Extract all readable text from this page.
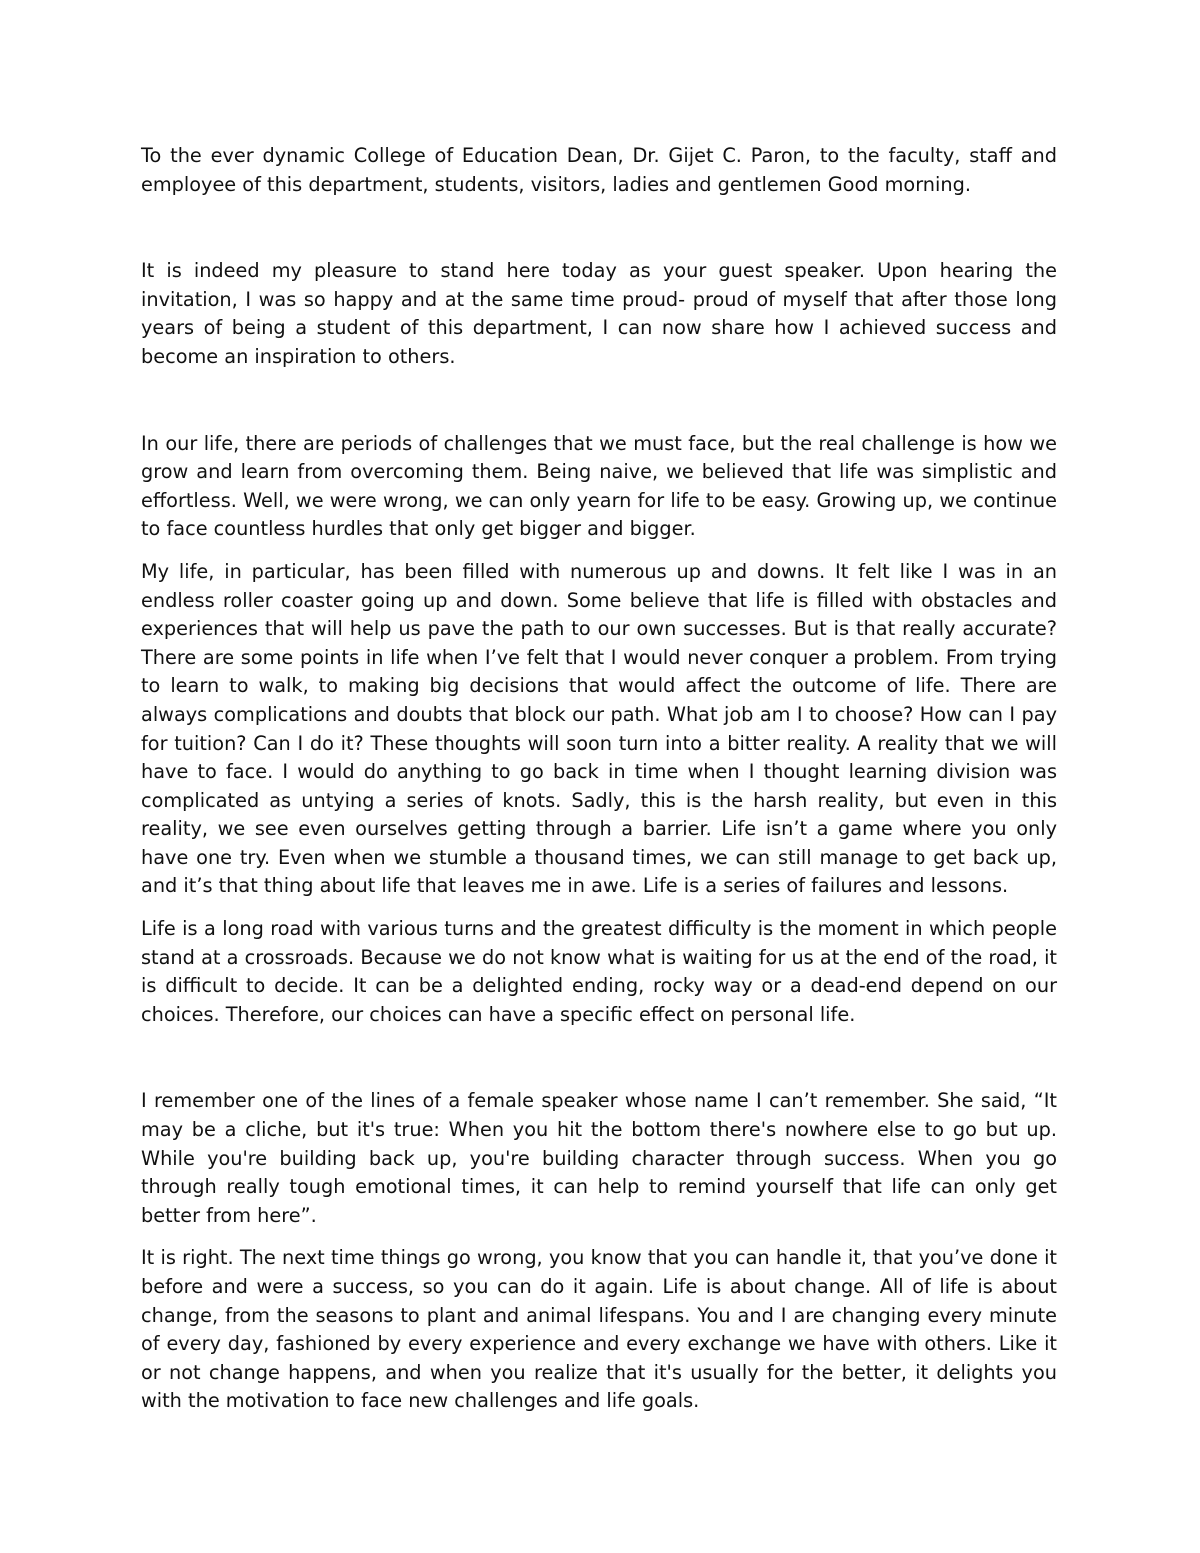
To the ever dynamic College of Education Dean, Dr. Gijet C. Paron, to the faculty, staff and employee of this department, students, visitors, ladies and gentlemen Good morning.

It is indeed my pleasure to stand here today as your guest speaker. Upon hearing the invitation, I was so happy and at the same time proud- proud of myself that after those long years of being a student of this department, I can now share how I achieved success and become an inspiration to others.

In our life, there are periods of challenges that we must face, but the real challenge is how we grow and learn from overcoming them. Being naive, we believed that life was simplistic and effortless. Well, we were wrong, we can only yearn for life to be easy. Growing up, we continue to face countless hurdles that only get bigger and bigger.

My life, in particular, has been filled with numerous up and downs. It felt like I was in an endless roller coaster going up and down. Some believe that life is filled with obstacles and experiences that will help us pave the path to our own successes. But is that really accurate? There are some points in life when I’ve felt that I would never conquer a problem. From trying to learn to walk, to making big decisions that would affect the outcome of life. There are always complications and doubts that block our path. What job am I to choose? How can I pay for tuition? Can I do it? These thoughts will soon turn into a bitter reality. A reality that we will have to face. I would do anything to go back in time when I thought learning division was complicated as untying a series of knots. Sadly, this is the harsh reality, but even in this reality, we see even ourselves getting through a barrier. Life isn’t a game where you only have one try. Even when we stumble a thousand times, we can still manage to get back up, and it’s that thing about life that leaves me in awe. Life is a series of failures and lessons.

Life is a long road with various turns and the greatest difficulty is the moment in which people stand at a crossroads. Because we do not know what is waiting for us at the end of the road, it is difficult to decide. It can be a delighted ending, rocky way or a dead-end depend on our choices. Therefore, our choices can have a specific effect on personal life.

I remember one of the lines of a female speaker whose name I can’t remember. She said, “It may be a cliche, but it's true: When you hit the bottom there's nowhere else to go but up. While you're building back up, you're building character through success. When you go through really tough emotional times, it can help to remind yourself that life can only get better from here”.

It is right. The next time things go wrong, you know that you can handle it, that you’ve done it before and were a success, so you can do it again. Life is about change. All of life is about change, from the seasons to plant and animal lifespans. You and I are changing every minute of every day, fashioned by every experience and every exchange we have with others. Like it or not change happens, and when you realize that it's usually for the better, it delights you with the motivation to face new challenges and life goals.
